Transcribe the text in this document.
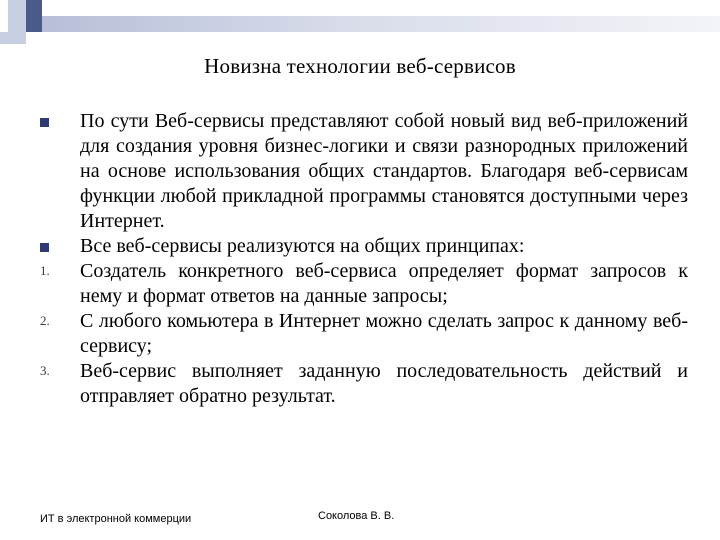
Новизна технологии веб-сервисов
По сути Веб-сервисы представляют собой новый вид веб-приложений для создания уровня бизнес-логики и связи разнородных приложений на основе использования общих стандартов. Благодаря веб-сервисам функции любой прикладной программы становятся доступными через Интернет.
Все веб-сервисы реализуются на общих принципах:
1. Создатель конкретного веб-сервиса определяет формат запросов к нему и формат ответов на данные запросы;
2. С любого комьютера в Интернет можно сделать запрос к данному веб-сервису;
3. Веб-сервис выполняет заданную последовательность действий и отправляет обратно результат.
ИТ в электронной коммерции	Соколова В. В.
